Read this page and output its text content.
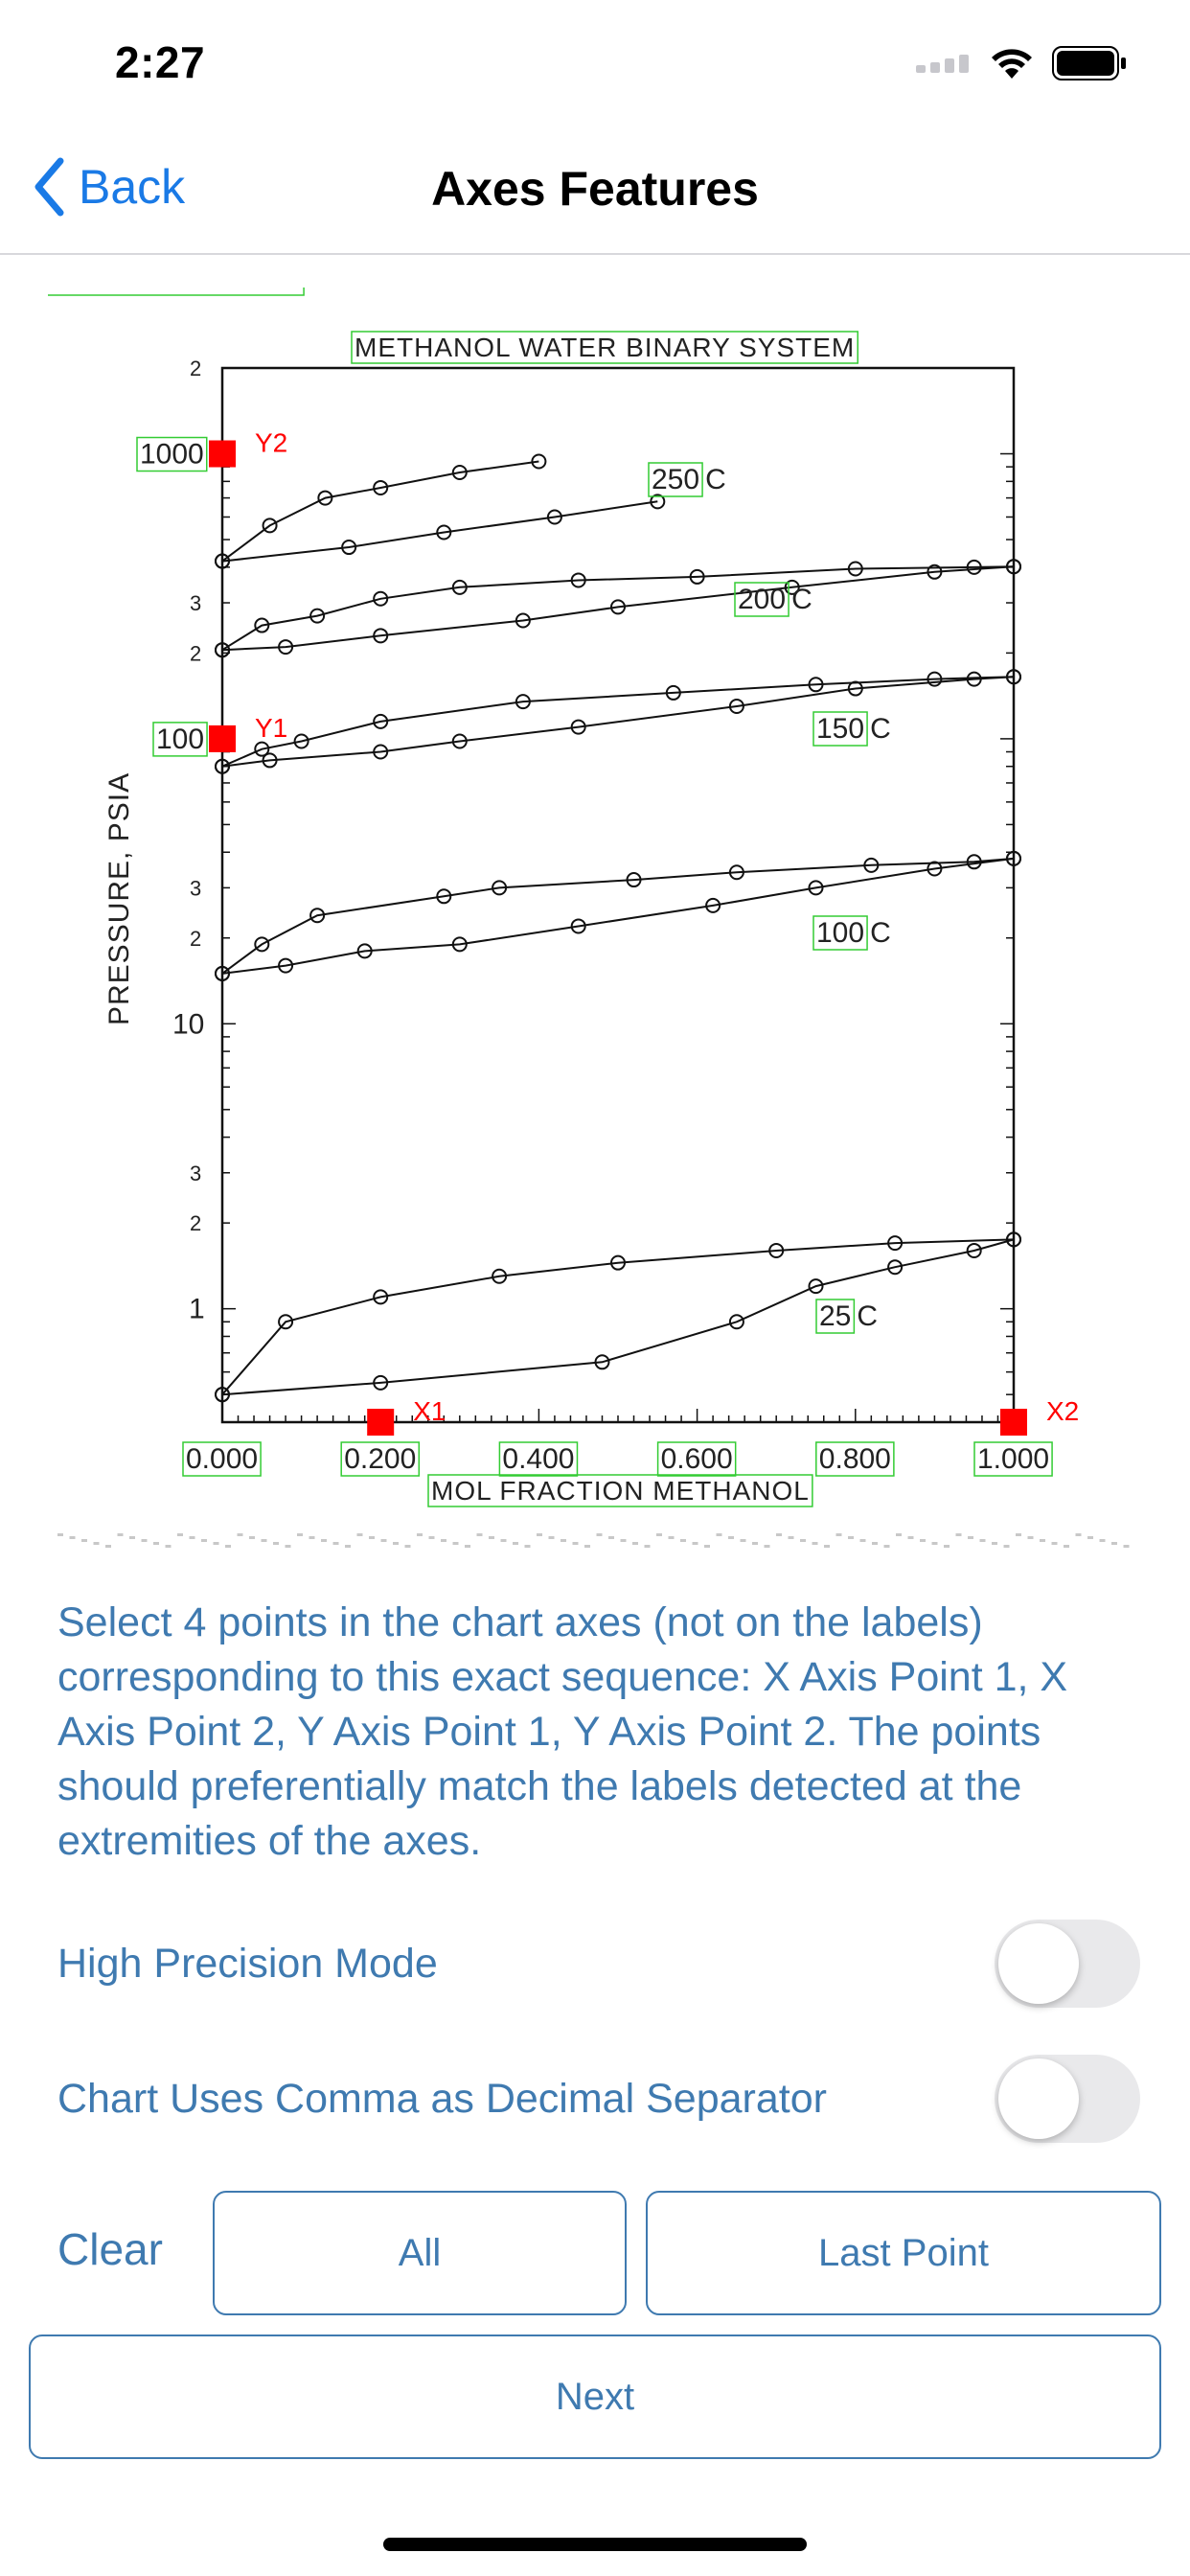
2:27
Back	Axes Features
METHANOL WATER BINARY SYSTEM
MOL FRACTION METHANOL
0.000	0.200	0.400	0.600	0.800	1.000
1000
100
10
1
2
3
2
3
2
3
2
PRESSURE, PSIA
250 C
200 C
150 C
100 C
25 C
X1	X2
Y1
Y2
Select 4 points in the chart axes (not on the labels) corresponding to this exact sequence: X Axis Point 1, X Axis Point 2, Y Axis Point 1, Y Axis Point 2. The points should preferentially match the labels detected at the extremities of the axes.
High Precision Mode
Chart Uses Comma as Decimal Separator
Clear	All	Last Point
Next
